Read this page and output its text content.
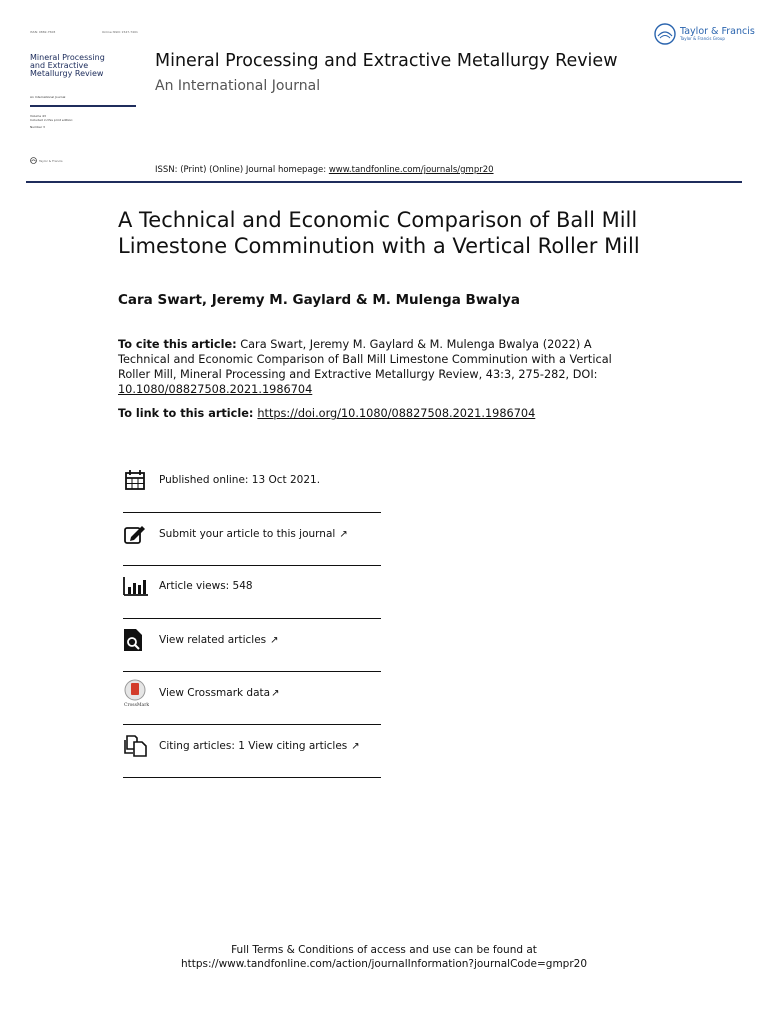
ISSN: 0882-7508	Online ISSN: 1547-7401
Mineral Processing and Extractive Metallurgy Review
An International Journal
Volume 43
Included in this print edition:
Number 3
Taylor & Francis
Mineral Processing and Extractive Metallurgy Review
An International Journal
ISSN: (Print) (Online) Journal homepage: www.tandfonline.com/journals/gmpr20
Taylor & Francis
Taylor & Francis Group
A Technical and Economic Comparison of Ball Mill Limestone Comminution with a Vertical Roller Mill
Cara Swart, Jeremy M. Gaylard & M. Mulenga Bwalya
To cite this article: Cara Swart, Jeremy M. Gaylard & M. Mulenga Bwalya (2022) A Technical and Economic Comparison of Ball Mill Limestone Comminution with a Vertical Roller Mill, Mineral Processing and Extractive Metallurgy Review, 43:3, 275-282, DOI: 10.1080/08827508.2021.1986704
To link to this article: https://doi.org/10.1080/08827508.2021.1986704
Published online: 13 Oct 2021.
Submit your article to this journal ↗
Article views: 548
View related articles ↗
CrossMark
View Crossmark data ↗
Citing articles: 1 View citing articles ↗
Full Terms & Conditions of access and use can be found at
https://www.tandfonline.com/action/journalInformation?journalCode=gmpr20
